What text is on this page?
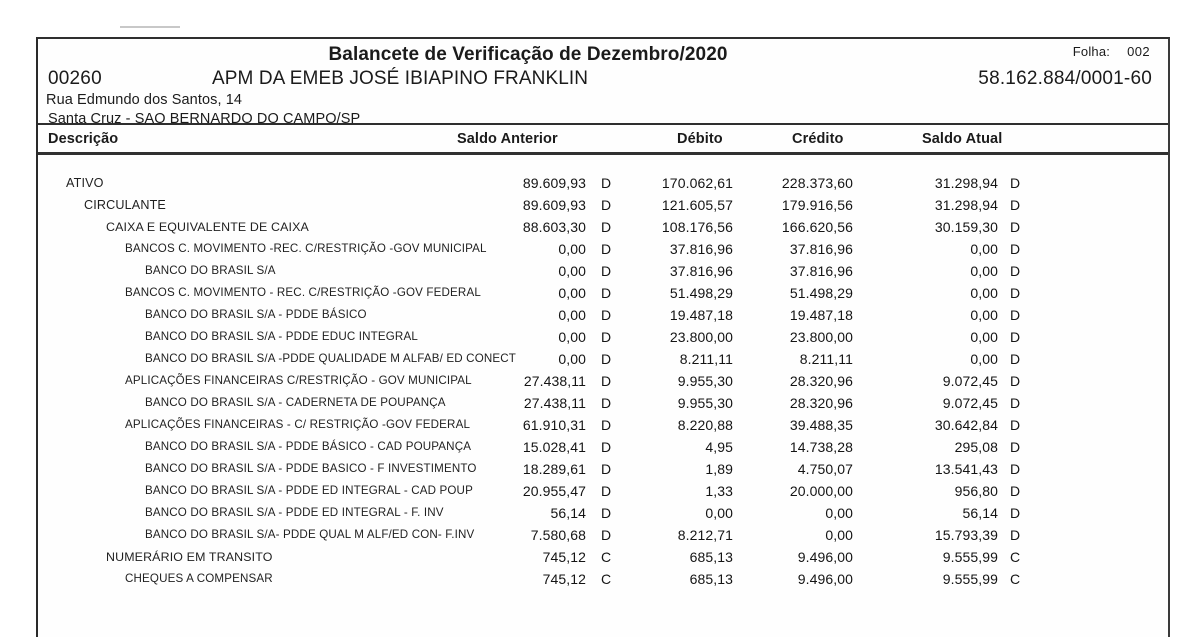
Balancete de Verificação de Dezembro/2020	Folha: 002
00260	APM DA EMEB JOSÉ IBIAPINO FRANKLIN	58.162.884/0001-60
Rua Edmundo dos Santos, 14
Santa Cruz - SAO BERNARDO DO CAMPO/SP
Descrição	Saldo Anterior	Débito	Crédito	Saldo Atual
ATIVO	89.609,93 D	170.062,61	228.373,60	31.298,94 D
CIRCULANTE	89.609,93 D	121.605,57	179.916,56	31.298,94 D
CAIXA E EQUIVALENTE DE CAIXA	88.603,30 D	108.176,56	166.620,56	30.159,30 D
BANCOS C. MOVIMENTO -REC. C/RESTRIÇÃO -GOV MUNICIPAL	0,00 D	37.816,96	37.816,96	0,00 D
BANCO DO BRASIL S/A	0,00 D	37.816,96	37.816,96	0,00 D
BANCOS C. MOVIMENTO - REC. C/RESTRIÇÃO -GOV FEDERAL	0,00 D	51.498,29	51.498,29	0,00 D
BANCO DO BRASIL S/A - PDDE BÁSICO	0,00 D	19.487,18	19.487,18	0,00 D
BANCO DO BRASIL S/A - PDDE EDUC INTEGRAL	0,00 D	23.800,00	23.800,00	0,00 D
BANCO DO BRASIL S/A -PDDE QUALIDADE M ALFAB/ ED CONECT	0,00 D	8.211,11	8.211,11	0,00 D
APLICAÇÕES FINANCEIRAS C/RESTRIÇÃO - GOV MUNICIPAL	27.438,11 D	9.955,30	28.320,96	9.072,45 D
BANCO DO BRASIL S/A - CADERNETA DE POUPANÇA	27.438,11 D	9.955,30	28.320,96	9.072,45 D
APLICAÇÕES FINANCEIRAS - C/ RESTRIÇÃO -GOV FEDERAL	61.910,31 D	8.220,88	39.488,35	30.642,84 D
BANCO DO BRASIL S/A - PDDE BÁSICO - CAD POUPANÇA	15.028,41 D	4,95	14.738,28	295,08 D
BANCO DO BRASIL S/A - PDDE BASICO - F INVESTIMENTO	18.289,61 D	1,89	4.750,07	13.541,43 D
BANCO DO BRASIL S/A - PDDE ED INTEGRAL - CAD POUP	20.955,47 D	1,33	20.000,00	956,80 D
BANCO DO BRASIL S/A - PDDE ED INTEGRAL - F. INV	56,14 D	0,00	0,00	56,14 D
BANCO DO BRASIL S/A- PDDE QUAL M ALF/ED CON- F.INV	7.580,68 D	8.212,71	0,00	15.793,39 D
NUMERÁRIO EM TRANSITO	745,12 C	685,13	9.496,00	9.555,99 C
CHEQUES A COMPENSAR	745,12 C	685,13	9.496,00	9.555,99 C
